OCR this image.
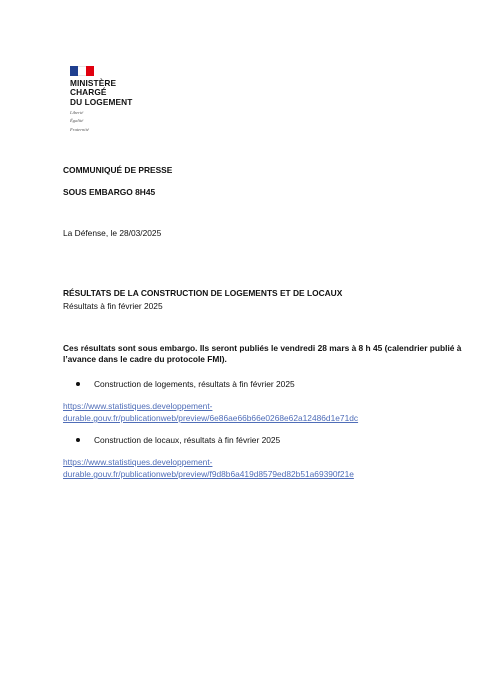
MINISTÈRE
CHARGÉ
DU LOGEMENT
Liberté
Égalité
Fraternité
COMMUNIQUÉ DE PRESSE
SOUS EMBARGO 8H45
La Défense, le 28/03/2025
RÉSULTATS DE LA CONSTRUCTION DE LOGEMENTS ET DE LOCAUX
Résultats à fin février 2025
Ces résultats sont sous embargo. Ils seront publiés le vendredi 28 mars à 8 h 45 (calendrier publié à l’avance dans le cadre du protocole FMI).
Construction de logements, résultats à fin février 2025
https://www.statistiques.developpement-
durable.gouv.fr/publicationweb/preview/6e86ae66b66e0268e62a12486d1e71dc
Construction de locaux, résultats à fin février 2025
https://www.statistiques.developpement-
durable.gouv.fr/publicationweb/preview/f9d8b6a419d8579ed82b51a69390f21e
